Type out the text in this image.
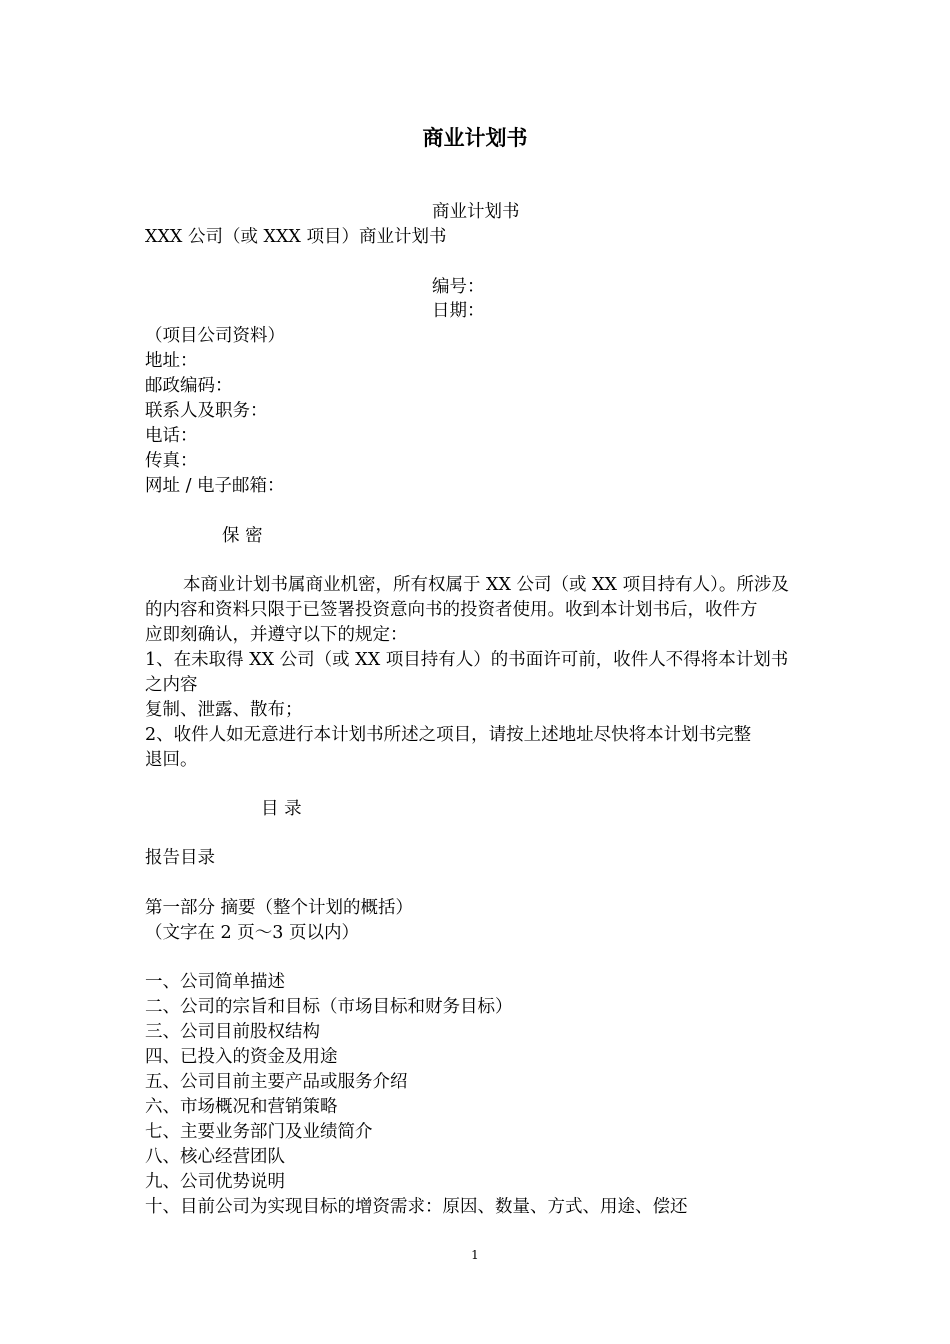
商业计划书
商业计划书
XXX 公司（或 XXX 项目）商业计划书
编号：
日期：
（项目公司资料）
地址：
邮政编码：
联系人及职务：
电话：
传真：
网址 / 电子邮箱：
保 密
本商业计划书属商业机密，所有权属于 XX 公司（或 XX 项目持有人）。所涉及
的内容和资料只限于已签署投资意向书的投资者使用。收到本计划书后，收件方
应即刻确认，并遵守以下的规定：
1、在未取得 XX 公司（或 XX 项目持有人）的书面许可前，收件人不得将本计划书
之内容
复制、泄露、散布；
2、收件人如无意进行本计划书所述之项目，请按上述地址尽快将本计划书完整
退回。
目 录
报告目录
第一部分 摘要（整个计划的概括）
（文字在 2 页～3 页以内）
一、公司简单描述
二、公司的宗旨和目标（市场目标和财务目标）
三、公司目前股权结构
四、已投入的资金及用途
五、公司目前主要产品或服务介绍
六、市场概况和营销策略
七、主要业务部门及业绩简介
八、核心经营团队
九、公司优势说明
十、目前公司为实现目标的增资需求：原因、数量、方式、用途、偿还
1
